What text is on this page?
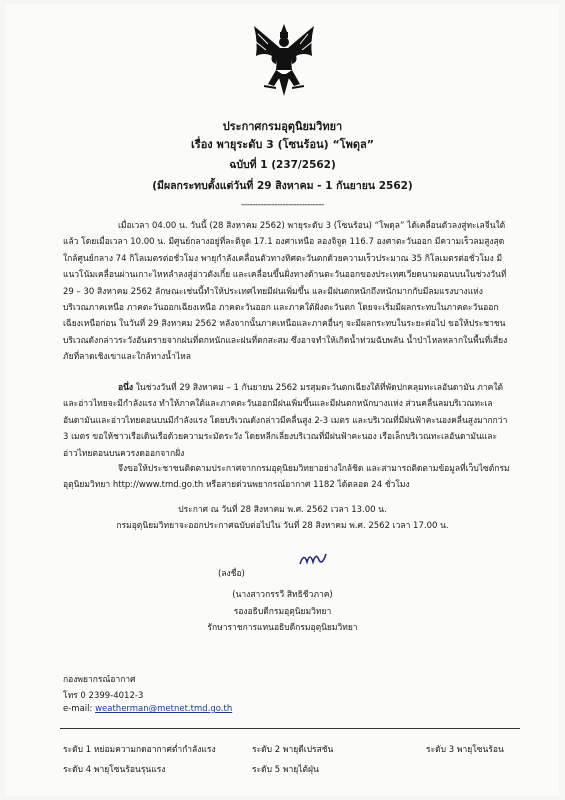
ประกาศกรมอุตุนิยมวิทยา
เรื่อง พายุระดับ 3 (โซนร้อน) “โพดุล”
ฉบับที่ 1 (237/2562)
(มีผลกระทบตั้งแต่วันที่ 29 สิงหาคม - 1 กันยายน 2562)
------------------------------

เมื่อเวลา 04.00 น. วันนี้ (28 สิงหาคม 2562) พายุระดับ 3 (โซนร้อน) “โพดุล” ได้เคลื่อนตัวลงสู่ทะเลจีนใต้แล้ว โดยเมื่อเวลา 10.00 น. มีศูนย์กลางอยู่ที่ละติจูด 17.1 องศาเหนือ ลองจิจูด 116.7 องศาตะวันออก มีความเร็วลมสูงสุดใกล้ศูนย์กลาง 74 กิโลเมตรต่อชั่วโมง พายุกำลังเคลื่อนตัวทางทิศตะวันตกด้วยความเร็วประมาณ 35 กิโลเมตรต่อชั่วโมง มีแนวโน้มเคลื่อนผ่านเกาะไหหลำลงสู่อ่าวตังเกี๋ย และเคลื่อนขึ้นฝั่งทางด้านตะวันออกของประเทศเวียดนามตอนบนในช่วงวันที่ 29 – 30 สิงหาคม 2562 ลักษณะเช่นนี้ทำให้ประเทศไทยมีฝนเพิ่มขึ้น และมีฝนตกหนักถึงหนักมากกับมีลมแรงบางแห่ง บริเวณภาคเหนือ ภาคตะวันออกเฉียงเหนือ ภาคตะวันออก และภาคใต้ฝั่งตะวันตก โดยจะเริ่มมีผลกระทบในภาคตะวันออกเฉียงเหนือก่อน ในวันที่ 29 สิงหาคม 2562 หลังจากนั้นภาคเหนือและภาคอื่นๆ จะมีผลกระทบในระยะต่อไป ขอให้ประชาชนบริเวณดังกล่าวระวังอันตรายจากฝนที่ตกหนักและฝนที่ตกสะสม ซึ่งอาจทำให้เกิดน้ำท่วมฉับพลัน น้ำป่าไหลหลากในพื้นที่เสี่ยงภัยที่ลาดเชิงเขาและใกล้ทางน้ำไหล

อนึ่ง ในช่วงวันที่ 29 สิงหาคม – 1 กันยายน 2562 มรสุมตะวันตกเฉียงใต้ที่พัดปกคลุมทะเลอันดามัน ภาคใต้และอ่าวไทยจะมีกำลังแรง ทำให้ภาคใต้และภาคตะวันออกมีฝนเพิ่มขึ้นและมีฝนตกหนักบางแห่ง ส่วนคลื่นลมบริเวณทะเลอันดามันและอ่าวไทยตอนบนมีกำลังแรง โดยบริเวณดังกล่าวมีคลื่นสูง 2-3 เมตร และบริเวณที่มีฝนฟ้าคะนองคลื่นสูงมากกว่า 3 เมตร ขอให้ชาวเรือเดินเรือด้วยความระมัดระวัง โดยหลีกเลี่ยงบริเวณที่มีฝนฟ้าคะนอง เรือเล็กบริเวณทะเลอันดามันและอ่าวไทยตอนบนควรงดออกจากฝั่ง

จึงขอให้ประชาชนติดตามประกาศจากกรมอุตุนิยมวิทยาอย่างใกล้ชิด และสามารถติดตามข้อมูลที่เว็บไซต์กรมอุตุนิยมวิทยา http://www.tmd.go.th หรือสายด่วนพยากรณ์อากาศ 1182 ได้ตลอด 24 ชั่วโมง

ประกาศ ณ วันที่ 28 สิงหาคม พ.ศ. 2562 เวลา 13.00 น.
กรมอุตุนิยมวิทยาจะออกประกาศฉบับต่อไปใน วันที่ 28 สิงหาคม พ.ศ. 2562 เวลา 17.00 น.
(ลงชื่อ)
(นางสาวกรรวี สิทธิชีวภาค)
รองอธิบดีกรมอุตุนิยมวิทยา
รักษาราชการแทนอธิบดีกรมอุตุนิยมวิทยา
กองพยากรณ์อากาศ
โทร 0 2399-4012-3
e-mail: weatherman@metnet.tmd.go.th
ระดับ 1 หย่อมความกดอากาศต่ำกำลังแรง	ระดับ 2 พายุดีเปรสชัน	ระดับ 3 พายุโซนร้อน
ระดับ 4 พายุโซนร้อนรุนแรง	ระดับ 5 พายุไต้ฝุ่น
